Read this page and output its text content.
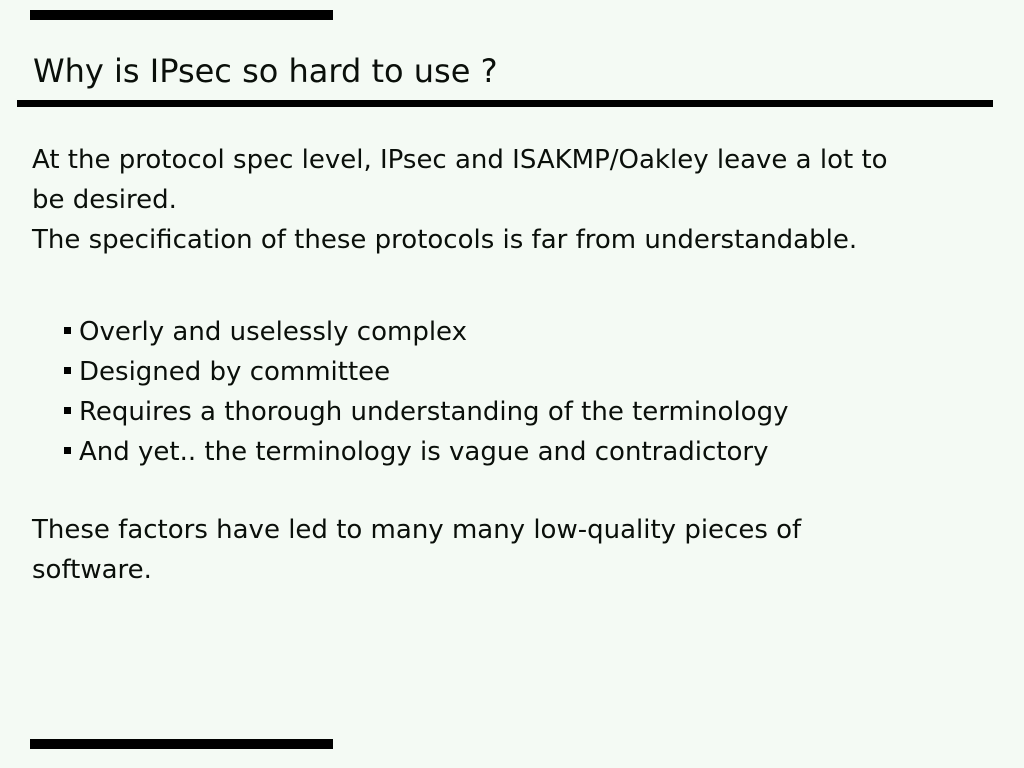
Why is IPsec so hard to use ?
At the protocol spec level, IPsec and ISAKMP/Oakley leave a lot to
be desired.
The specification of these protocols is far from understandable.
Overly and uselessly complex
Designed by committee
Requires a thorough understanding of the terminology
And yet.. the terminology is vague and contradictory
These factors have led to many many low-quality pieces of
software.
